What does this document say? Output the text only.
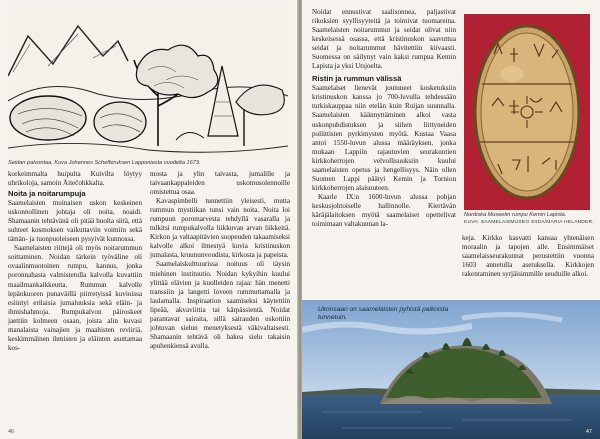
Seidan palvontaa. Kuva Johannes Schefferuksen Lapponiasta vuodelta 1673.

korkeimmalta huipulta Kuivilta löytyy uhrikoloja, samoin Äitečohkkalta.

Noita ja noitarumpuja

Saamelaisten muinaisen uskon keskeinen uskonnollinen johtaja oli noita, noaidi. Shamaanin tehtävänä oli pitää huolta siitä, että suhteet kosmoksen vaikuttaviin voimiin sekä tämän- ja tuonpuoleiseen pysyivät kunnossa.

Saamelaisten riittejä oli myös noitarummun soittaminen. Noidan tärkein työväline oli ovaalinmuotoinen rumpu, kannus, jonka poronnahasta valmistetulla kalvolla kuvattiin maailmankaikkeutta. Rummun kalvolle lepänkuoren punaväillä piirretyissä kuvioissa esiintyi erilaisia jumaluuksia sekä eläin- ja ihmishahmoja. Rumpukalvon päiroskeet jaettiin kolmeen osaan, joista alin kuvasi manalaista vainajien ja maahisten reviiriä, keskimmäinen ihmisten ja eläinten asuttamaa kos-

mosta ja ylin taivasta, jumalille ja taivaankappaleiden uskomusolennoille omistettua osaa.

Kavaspimbelli tunnettiin yleisesti, mutta rummun mystiikan tunsi vain noita. Noita loi rumpuun poromarvesta tehdyllä vasaralla ja tulkitsi rumpukalvolla liikkuvan arvan liikkeitä. Kirkon ja valtaapitävien suopeuden takaamiseksi kalvolle alkoi ilmestyä kuvia kristinuskon jumalasta, kruununvoudista, kirkosta ja papeista.

Saamelaiskulttuurissa noituus oli täysin miehinen instituutio. Noidan kykyihin kuului ylittää elävien ja kuolleiden rajaa: hän menetti transsiin ja langetti loveen rummuttamalla ja laulamalla. Inspiraation saamiseksi käytettiin lipeää, akvaviittia tai kärpässientä. Noidat parantavat sairaita, sillä sairauden uskottiin johtuvan sielun menetyksestä väkivaltaisesti. Shamaanin tehtävä oli hakea sielu takaisin apuhenkiensä avulla.

46

Noidat ennustivat saalisonnea, paljastivat rikoksien syyllisyyteitä ja toimivat tuomareina. Saamelaisten noitarummut ja seidat olivat niin keskeisessä osassa, että kristinuskon saavuttua seidat ja noitarummut hävitettiin kiivaasti. Suomessa on säilynyt vain kaksi rumpua Kemin Lapista ja yksi Utsjoelta.

Ristin ja rummun välissä

Saamelaiset lienevät joutuneet kosketuksiin kristinuskon kanssa jo 700-luvulla tehdessään turkiskauppaa niin etelän kuin Ruijan suunnalla. Saamelaisten käännyttäminen alkoi vasta uskonpuhdistuksen ja siihen liittyneiden poliittisten pyrkimysten myötä. Kustaa Vaasa antoi 1550-luvun alussa määräyksen, jonka mukaan Lappiin rajautuvien seurakuntien kirkkoherrojen velvollisuuksiin kuului saamelaisten opetus ja hengellisyys. Näin ollen Suomen Lappi päätyi Kemin ja Tornion kirkkoherrojen alaisuuteen.

Kaarle IX:n 1600-luvun alussa pohjan keskusjohtoiselle hallinnolle. Kiertävän käräjälaitoksen myötä saamelaiset opettelivat toimimaan valtakunnan la-

Nordiska Museetin rumpu Kemin Lapista.
KUVA: SAAMELAISMUSEO SIIDA/MARIA HELANDER.

keja. Kirkko kasvatti kansaa yhtenäisen moraalin ja tapojen alle. Ensimmäiset saamelaisseurakunnat perustettiin vuonna 1603 annetulla asetuksella. Kirkkojen rakentaminen syrjäisimmille seuduille alkoi.

Ukonsaari on saamelaisten pyhistä paikoista tunnetuin.
47
